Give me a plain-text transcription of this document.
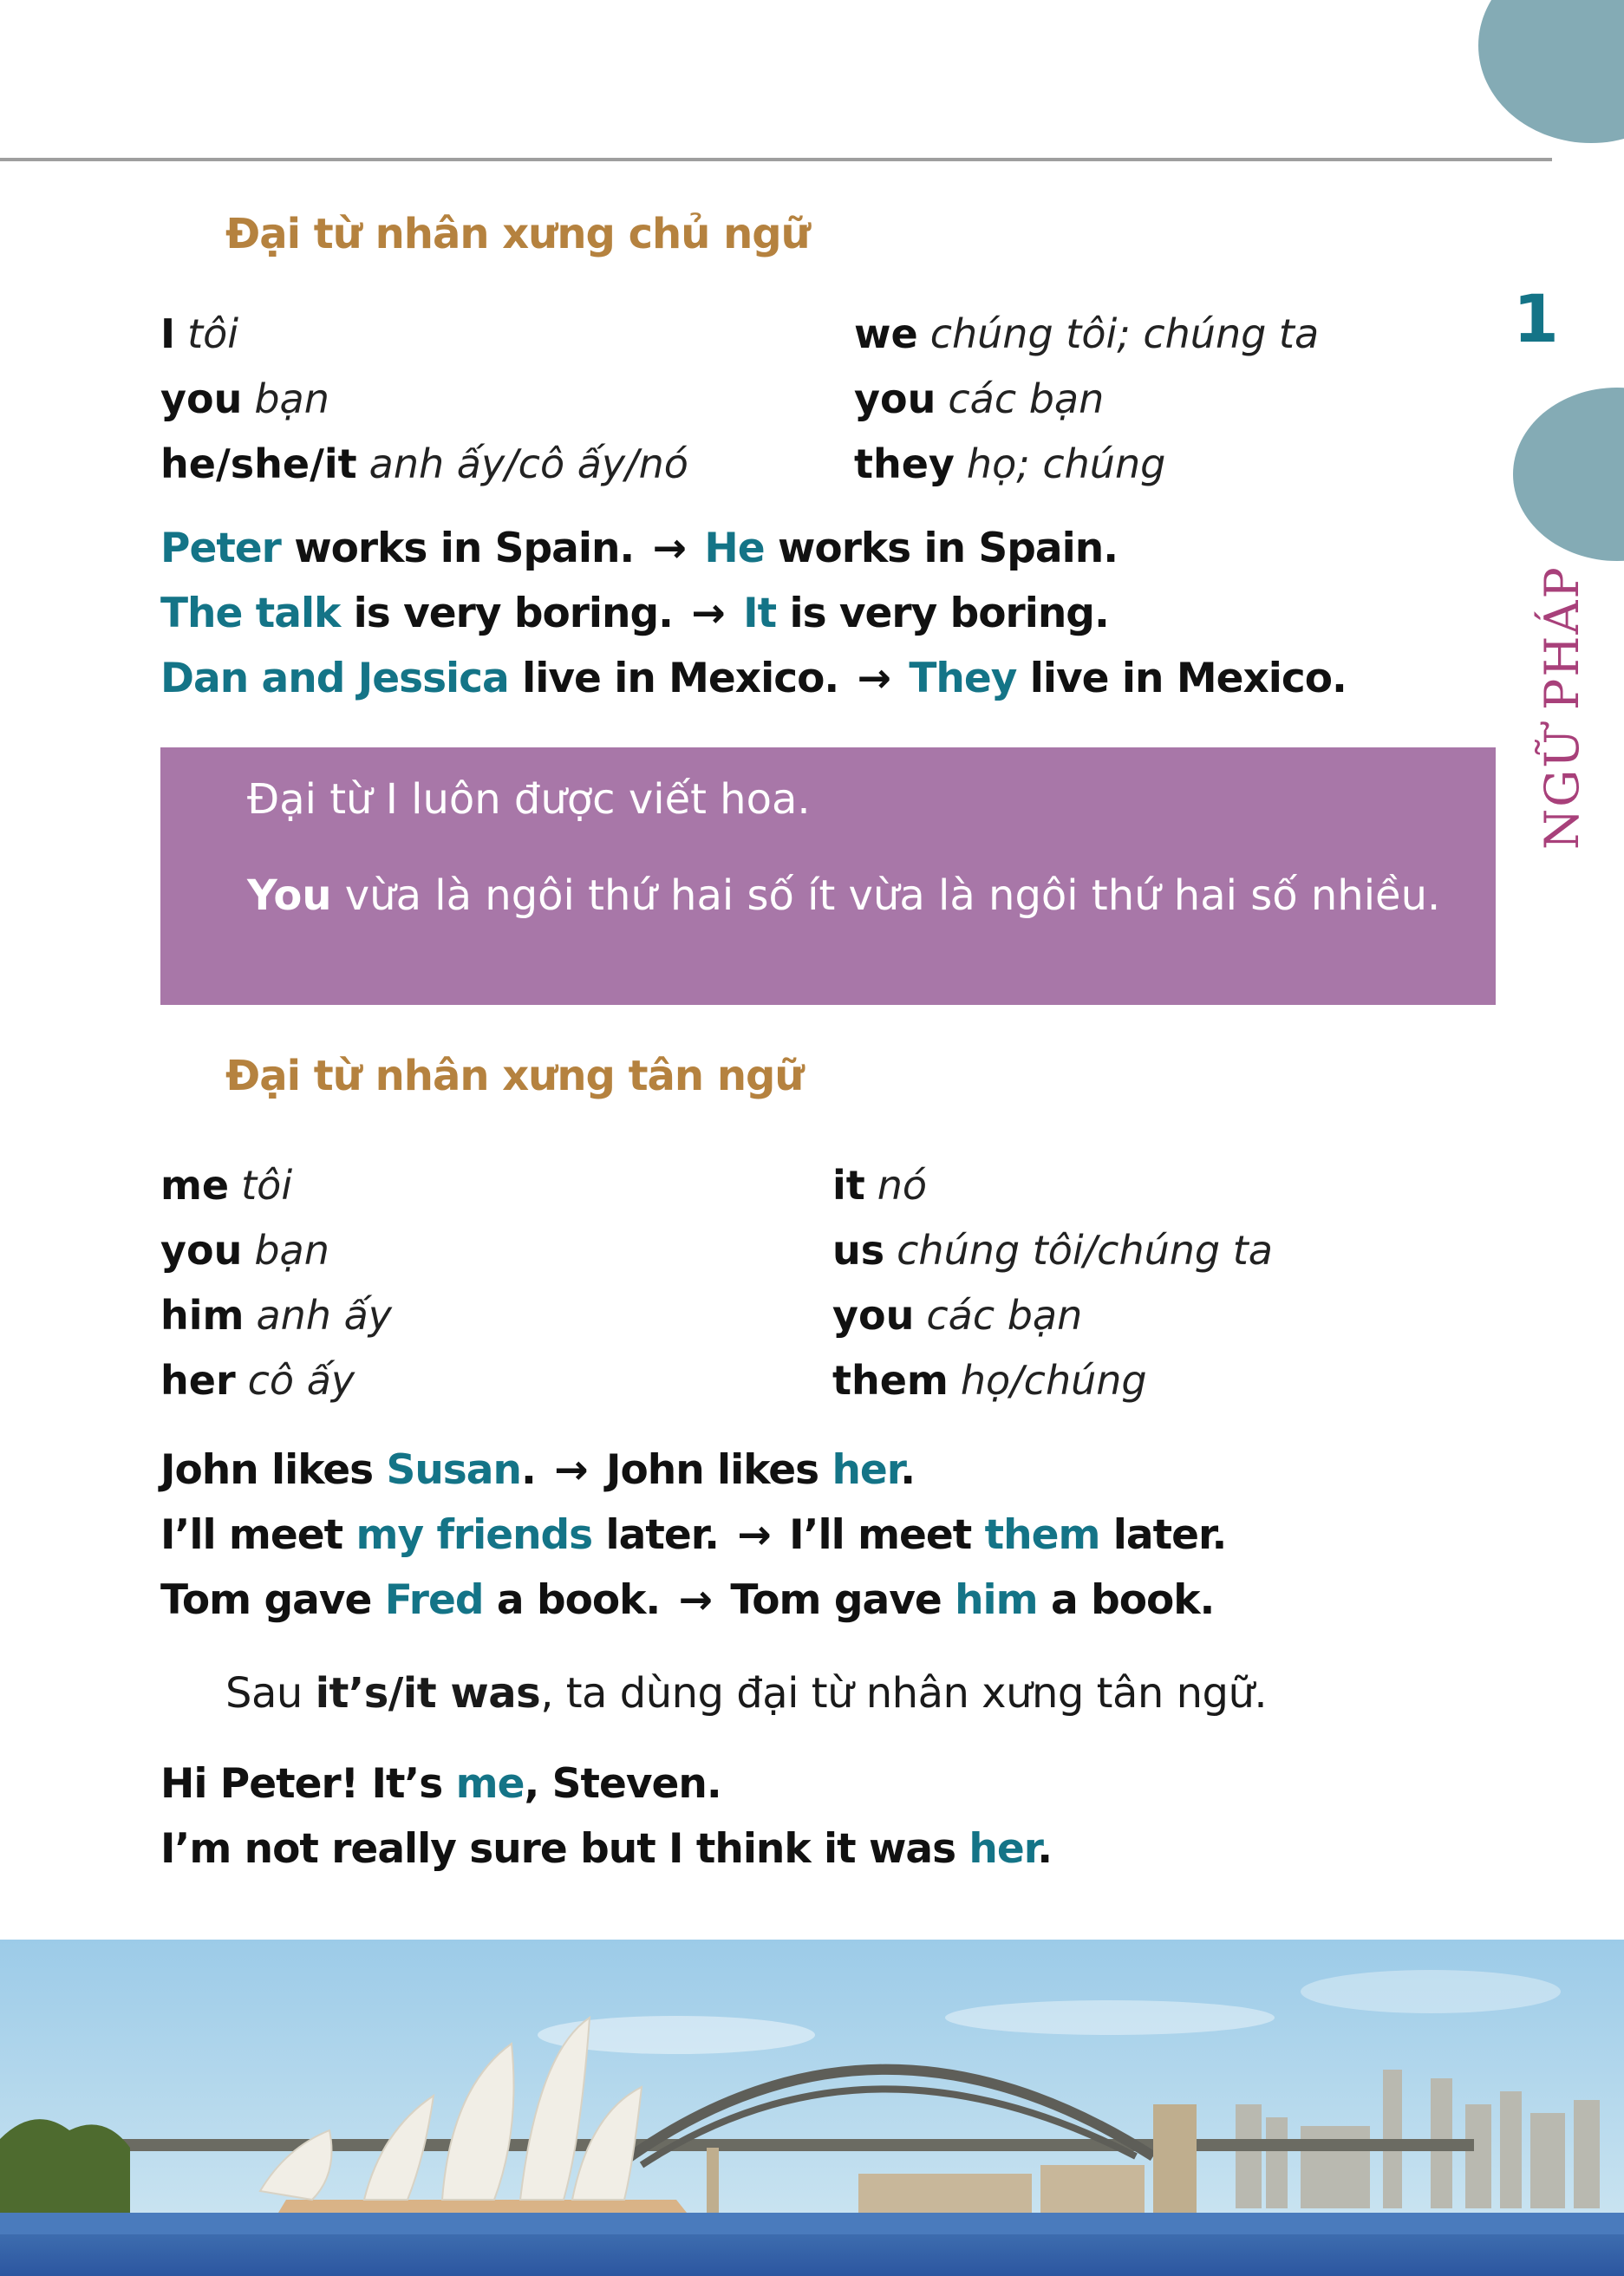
1
NGỮ PHÁP
Đại từ nhân xưng chủ ngữ
I tôi
you bạn
he/she/it anh ấy/cô ấy/nó
we chúng tôi; chúng ta
you các bạn
they họ; chúng
Peter works in Spain. → He works in Spain.
The talk is very boring. → It is very boring.
Dan and Jessica live in Mexico. → They live in Mexico.

Đại từ I luôn được viết hoa.

You vừa là ngôi thứ hai số ít vừa là ngôi thứ hai số nhiều.

Đại từ nhân xưng tân ngữ
me tôi
you bạn
him anh ấy
her cô ấy
it nó
us chúng tôi/chúng ta
you các bạn
them họ/chúng
John likes Susan. → John likes her.
I’ll meet my friends later. → I’ll meet them later.
Tom gave Fred a book. → Tom gave him a book.
Sau it’s/it was, ta dùng đại từ nhân xưng tân ngữ.
Hi Peter! It’s me, Steven.
I’m not really sure but I think it was her.
